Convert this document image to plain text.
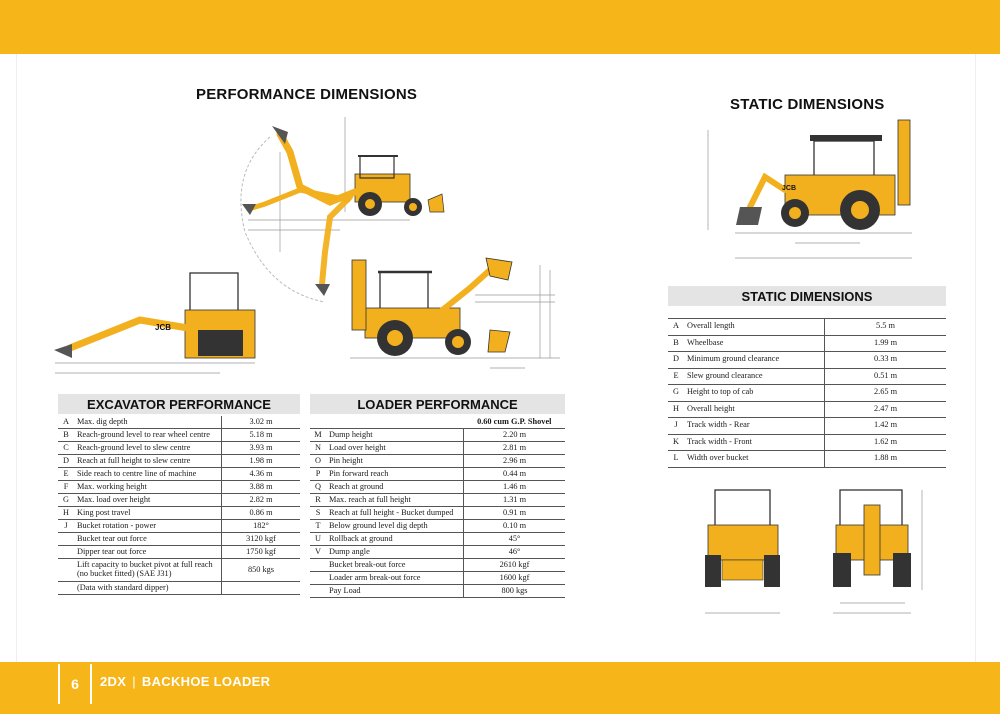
PERFORMANCE DIMENSIONS
STATIC DIMENSIONS
JCB
JCB
EXCAVATOR PERFORMANCE
A	Max. dig depth	3.02 m
B	Reach-ground level to rear wheel centre	5.18 m
C	Reach-ground level to slew centre	3.93 m
D	Reach at full height to slew centre	1.98 m
E	Side reach to centre line of machine	4.36 m
F	Max. working height	3.88 m
G	Max. load over height	2.82 m
H	King post travel	0.86 m
J	Bucket rotation - power	182°
	Bucket tear out force	3120 kgf
	Dipper tear out force	1750 kgf
	Lift capacity to bucket pivot at full reach (no bucket fitted) (SAE J31)	850 kgs
	(Data with standard dipper)	
LOADER PERFORMANCE
		0.60 cum G.P. Shovel
M	Dump height	2.20 m
N	Load over height	2.81 m
O	Pin height	2.96 m
P	Pin forward reach	0.44 m
Q	Reach at ground	1.46 m
R	Max. reach at full height	1.31 m
S	Reach at full height - Bucket dumped	0.91 m
T	Below ground level dig depth	0.10 m
U	Rollback at ground	45°
V	Dump angle	46°
	Bucket break-out force	2610 kgf
	Loader arm break-out force	1600 kgf
	Pay Load	800 kgs
STATIC DIMENSIONS
A	Overall length	5.5 m
B	Wheelbase	1.99 m
D	Minimum ground clearance	0.33 m
E	Slew ground clearance	0.51 m
G	Height to top of cab	2.65 m
H	Overall height	2.47 m
J	Track width - Rear	1.42 m
K	Track width - Front	1.62 m
L	Width over bucket	1.88 m
6	2DX | BACKHOE LOADER
